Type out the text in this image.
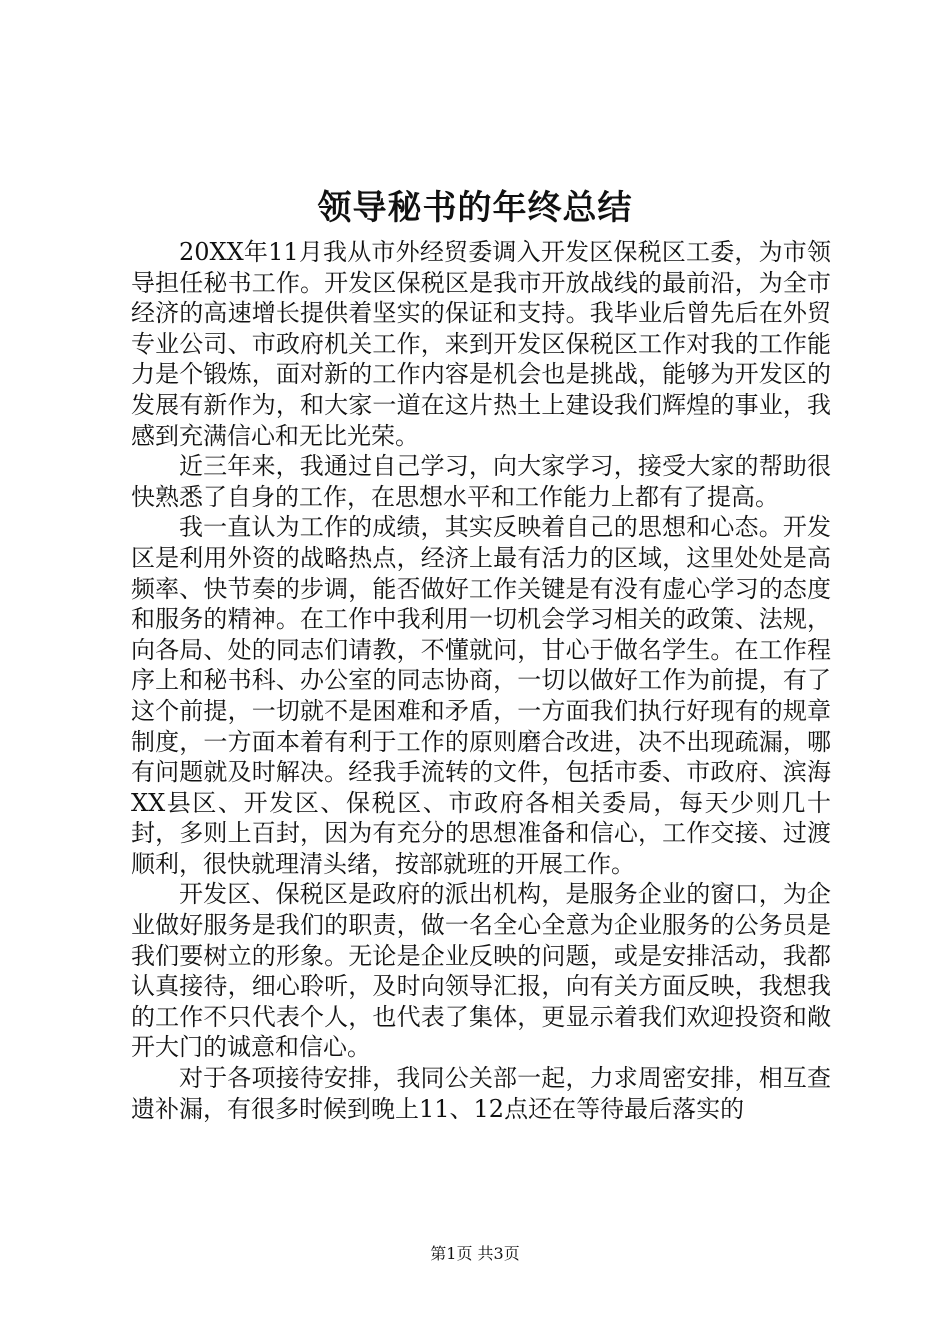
领导秘书的年终总结

20XX年11月我从市外经贸委调入开发区保税区工委，为市领导担任秘书工作。开发区保税区是我市开放战线的最前沿，为全市经济的高速增长提供着坚实的保证和支持。我毕业后曾先后在外贸专业公司、市政府机关工作，来到开发区保税区工作对我的工作能力是个锻炼，面对新的工作内容是机会也是挑战，能够为开发区的发展有新作为，和大家一道在这片热土上建设我们辉煌的事业，我感到充满信心和无比光荣。

近三年来，我通过自己学习，向大家学习，接受大家的帮助很快熟悉了自身的工作，在思想水平和工作能力上都有了提高。

我一直认为工作的成绩，其实反映着自己的思想和心态。开发区是利用外资的战略热点，经济上最有活力的区域，这里处处是高频率、快节奏的步调，能否做好工作关键是有没有虚心学习的态度和服务的精神。在工作中我利用一切机会学习相关的政策、法规，向各局、处的同志们请教，不懂就问，甘心于做名学生。在工作程序上和秘书科、办公室的同志协商，一切以做好工作为前提，有了这个前提，一切就不是困难和矛盾，一方面我们执行好现有的规章制度，一方面本着有利于工作的原则磨合改进，决不出现疏漏，哪有问题就及时解决。经我手流转的文件，包括市委、市政府、滨海XX县区、开发区、保税区、市政府各相关委局，每天少则几十封，多则上百封，因为有充分的思想准备和信心，工作交接、过渡顺利，很快就理清头绪，按部就班的开展工作。

开发区、保税区是政府的派出机构，是服务企业的窗口，为企业做好服务是我们的职责，做一名全心全意为企业服务的公务员是我们要树立的形象。无论是企业反映的问题，或是安排活动，我都认真接待，细心聆听，及时向领导汇报，向有关方面反映，我想我的工作不只代表个人，也代表了集体，更显示着我们欢迎投资和敞开大门的诚意和信心。

对于各项接待安排，我同公关部一起，力求周密安排，相互查遗补漏，有很多时候到晚上11、12点还在等待最后落实的

第1页 共3页
